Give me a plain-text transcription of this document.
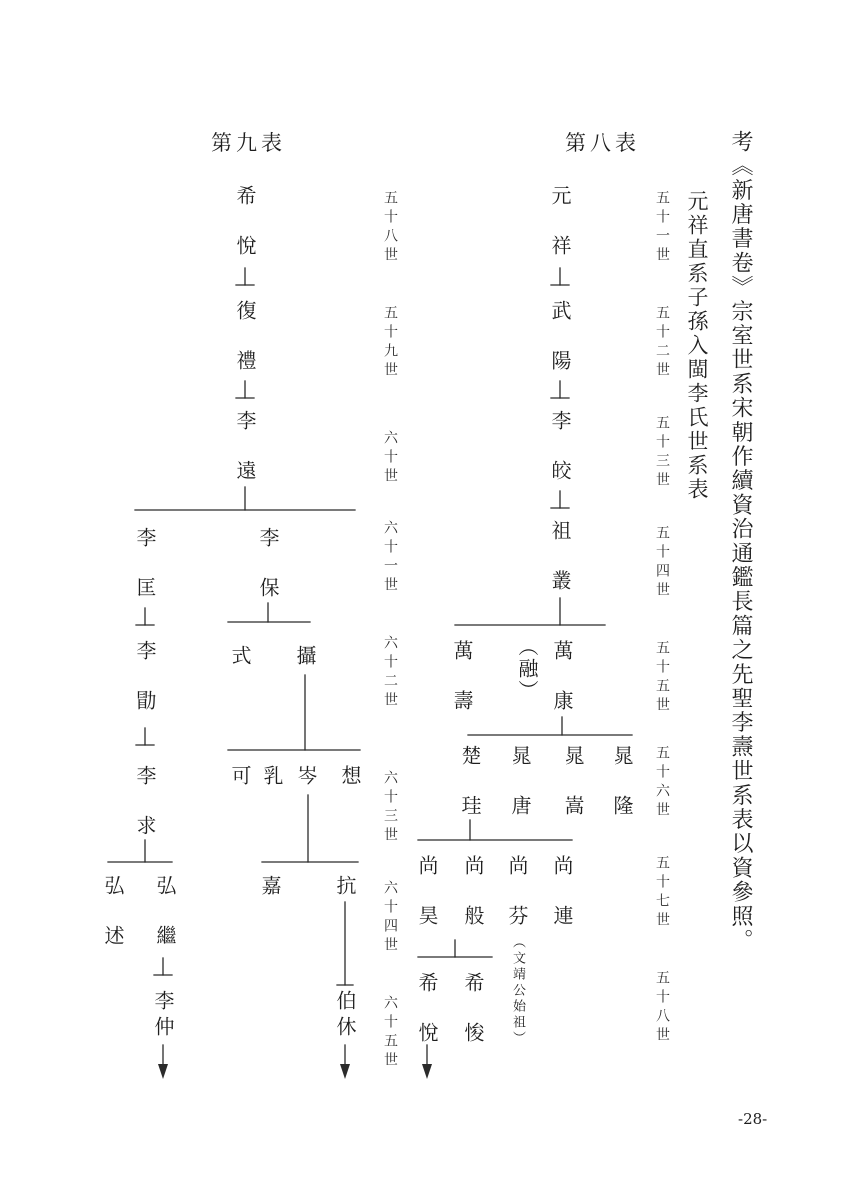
考《新唐書卷》宗室世系宋朝作續資治通鑑長篇之先聖李燾世系表以資參照。
元祥直系子孫入閩李氏世系表
第八表
第九表
五十一世
五十二世
五十三世
五十四世
五十五世
五十六世
五十七世
五十八世
元祥
武陽
李皎
祖叢
萬康
（融）
萬壽
晁隆
晁嵩
晁唐
楚珪
尚連
尚芬
尚般
尚昊
（文靖公始祖）
希悛
希悅
五十八世
五十九世
六十世
六十一世
六十二世
六十三世
六十四世
六十五世
希悅
復禮
李遠
李保
攝
式
想
岑
乳
可
抗
嘉
伯休
李匡
李勖
李求
弘繼
弘述
李仲
-28-
